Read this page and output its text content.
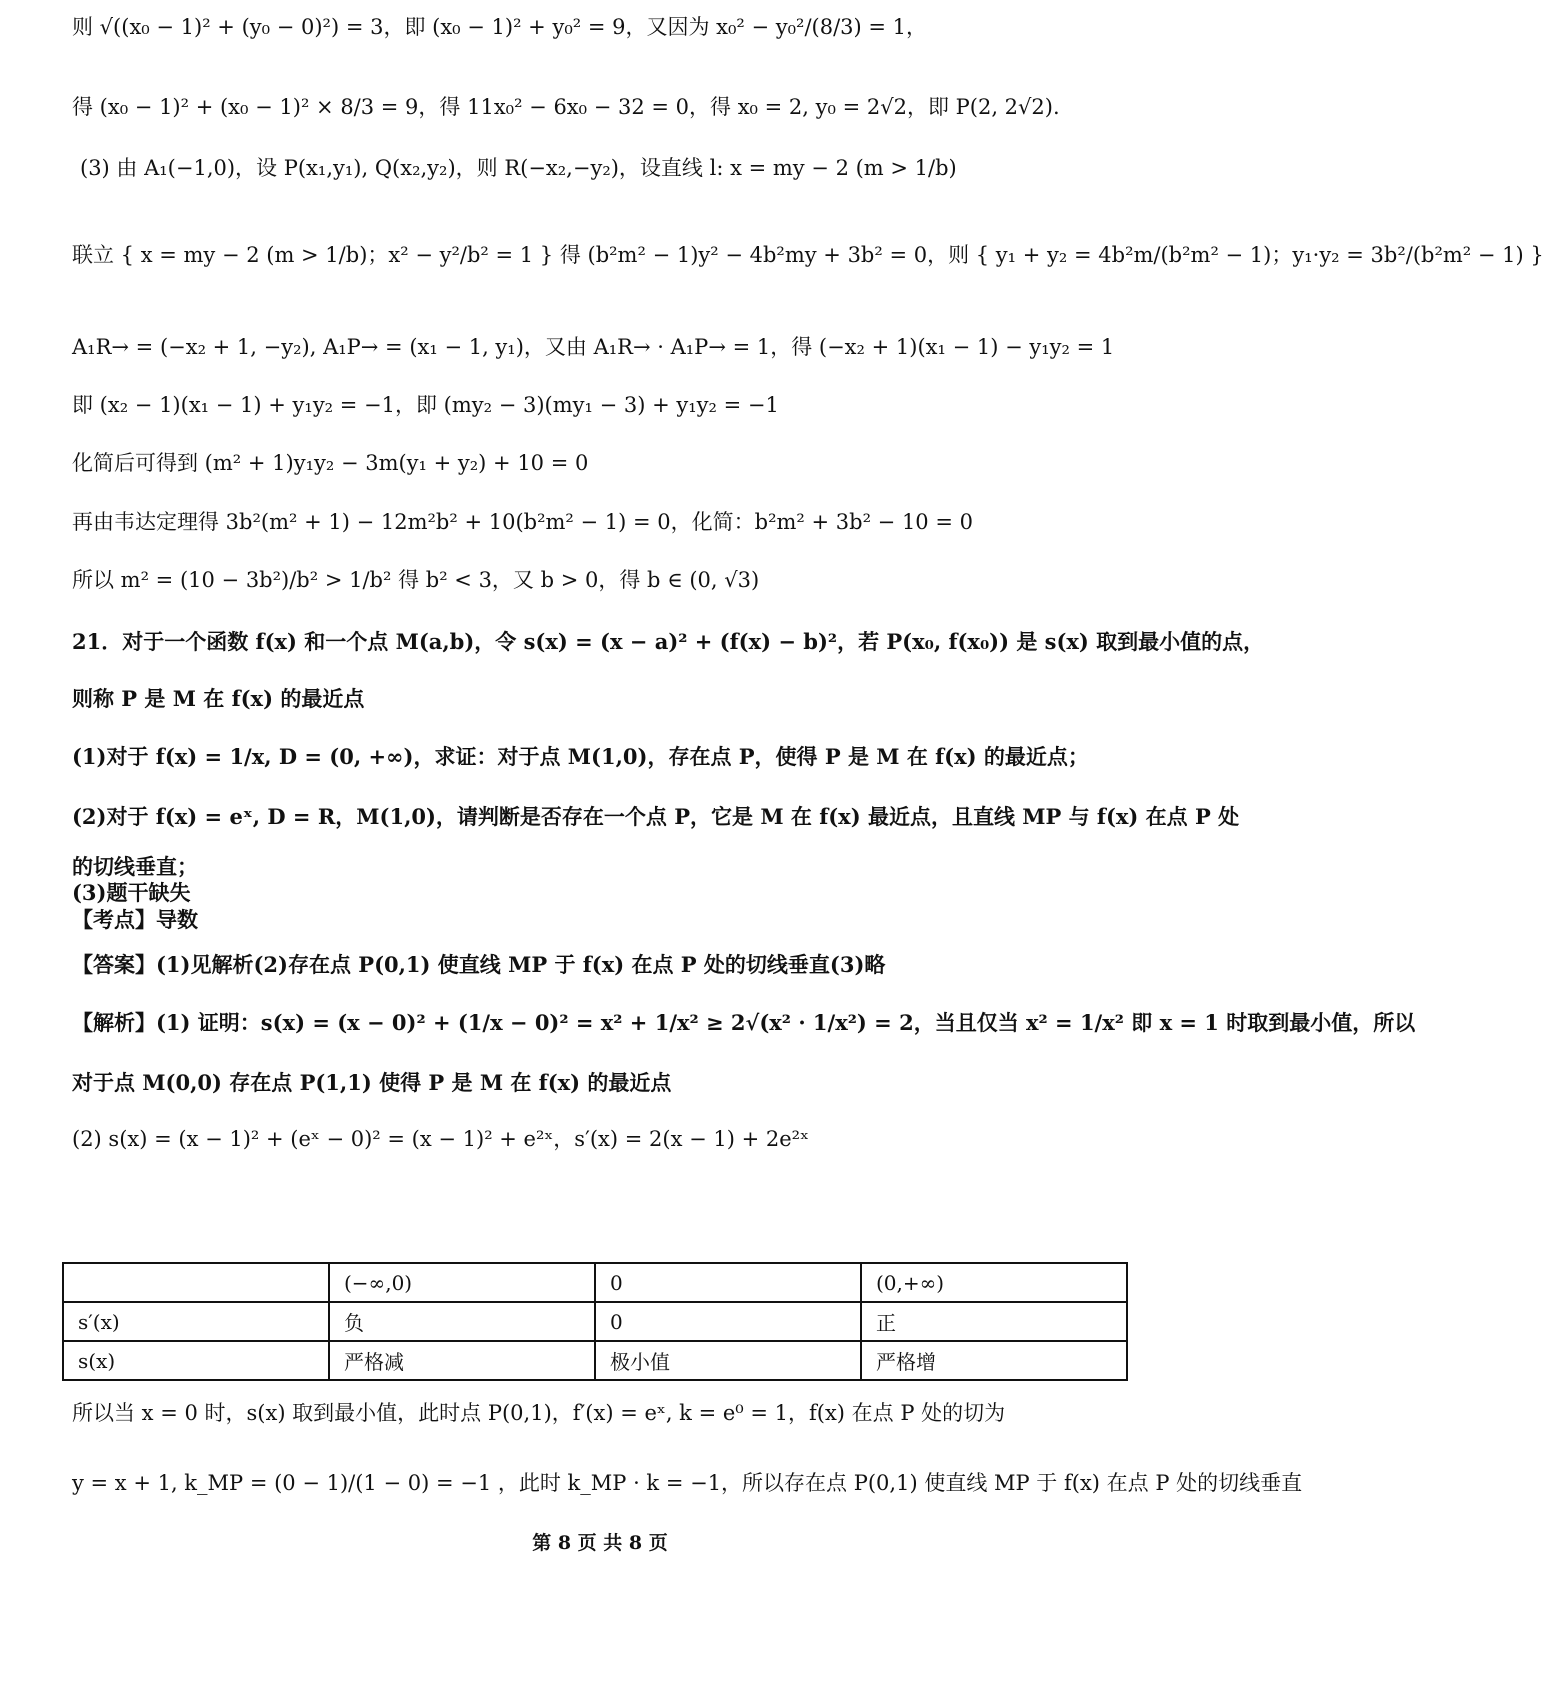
则 √((x₀ − 1)² + (y₀ − 0)²) = 3，即 (x₀ − 1)² + y₀² = 9，又因为 x₀² − y₀²/(8/3) = 1，
得 (x₀ − 1)² + (x₀ − 1)² × 8/3 = 9，得 11x₀² − 6x₀ − 32 = 0，得 x₀ = 2, y₀ = 2√2，即 P(2, 2√2).
(3) 由 A₁(−1,0)，设 P(x₁,y₁), Q(x₂,y₂)，则 R(−x₂,−y₂)，设直线 l: x = my − 2 (m > 1/b)
联立 { x = my − 2 (m > 1/b)；x² − y²/b² = 1 } 得 (b²m² − 1)y² − 4b²my + 3b² = 0，则 { y₁ + y₂ = 4b²m/(b²m² − 1)；y₁·y₂ = 3b²/(b²m² − 1) }
A₁R→ = (−x₂ + 1, −y₂), A₁P→ = (x₁ − 1, y₁)，又由 A₁R→ · A₁P→ = 1，得 (−x₂ + 1)(x₁ − 1) − y₁y₂ = 1
即 (x₂ − 1)(x₁ − 1) + y₁y₂ = −1，即 (my₂ − 3)(my₁ − 3) + y₁y₂ = −1
化简后可得到 (m² + 1)y₁y₂ − 3m(y₁ + y₂) + 10 = 0
再由韦达定理得 3b²(m² + 1) − 12m²b² + 10(b²m² − 1) = 0，化简：b²m² + 3b² − 10 = 0
所以 m² = (10 − 3b²)/b² > 1/b² 得 b² < 3，又 b > 0，得 b ∈ (0, √3)
21．对于一个函数 f(x) 和一个点 M(a,b)，令 s(x) = (x − a)² + (f(x) − b)²，若 P(x₀, f(x₀)) 是 s(x) 取到最小值的点，
则称 P 是 M 在 f(x) 的最近点
(1)对于 f(x) = 1/x, D = (0, +∞)，求证：对于点 M(1,0)，存在点 P，使得 P 是 M 在 f(x) 的最近点；
(2)对于 f(x) = eˣ, D = R，M(1,0)，请判断是否存在一个点 P，它是 M 在 f(x) 最近点，且直线 MP 与 f(x) 在点 P 处
的切线垂直；
(3)题干缺失
【考点】导数
【答案】(1)见解析(2)存在点 P(0,1) 使直线 MP 于 f(x) 在点 P 处的切线垂直(3)略
【解析】(1) 证明：s(x) = (x − 0)² + (1/x − 0)² = x² + 1/x² ≥ 2√(x² · 1/x²) = 2，当且仅当 x² = 1/x² 即 x = 1 时取到最小值，所以
对于点 M(0,0) 存在点 P(1,1) 使得 P 是 M 在 f(x) 的最近点
(2) s(x) = (x − 1)² + (eˣ − 0)² = (x − 1)² + e²ˣ，s′(x) = 2(x − 1) + 2e²ˣ
	(−∞,0)	0	(0,+∞)
s′(x)	负	0	正
s(x)	严格减	极小值	严格增
所以当 x = 0 时，s(x) 取到最小值，此时点 P(0,1)，f′(x) = eˣ, k = e⁰ = 1，f(x) 在点 P 处的切为
y = x + 1, k_MP = (0 − 1)/(1 − 0) = −1 ，此时 k_MP · k = −1，所以存在点 P(0,1) 使直线 MP 于 f(x) 在点 P 处的切线垂直
第 8 页 共 8 页
